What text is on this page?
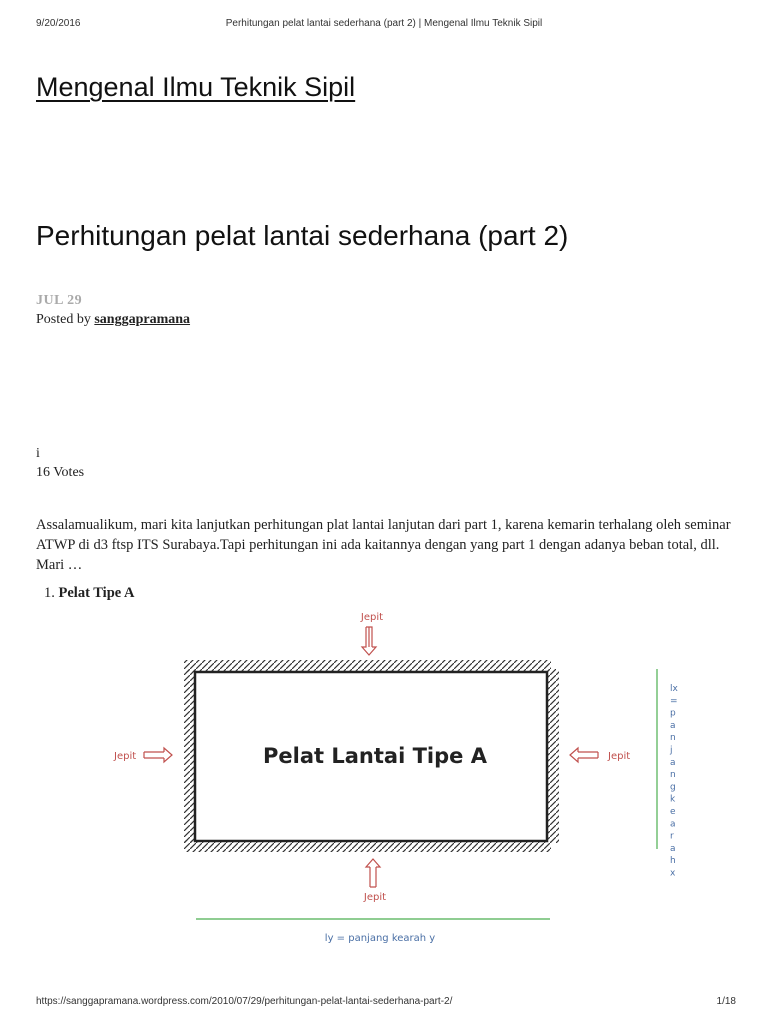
9/20/2016	Perhitungan pelat lantai sederhana (part 2) | Mengenal Ilmu Teknik Sipil
Mengenal Ilmu Teknik Sipil
Perhitungan pelat lantai sederhana (part 2)
JUL 29
Posted by sanggapramana
i
16 Votes

Assalamualikum, mari kita lanjutkan perhitungan plat lantai lanjutan dari part 1, karena kemarin terhalang oleh seminar ATWP di d3 ftsp ITS Surabaya.Tapi perhitungan ini ada kaitannya dengan yang part 1 dengan adanya beban total, dll. Mari …

1. Pelat Tipe A
Pelat Lantai Tipe A
Jepit
Jepit	Jepit
Jepit
lx
=
p
a
n
j
a
n
g
k
e
a
r
a
h
x
ly = panjang kearah y
https://sanggapramana.wordpress.com/2010/07/29/perhitungan-pelat-lantai-sederhana-part-2/	1/18
